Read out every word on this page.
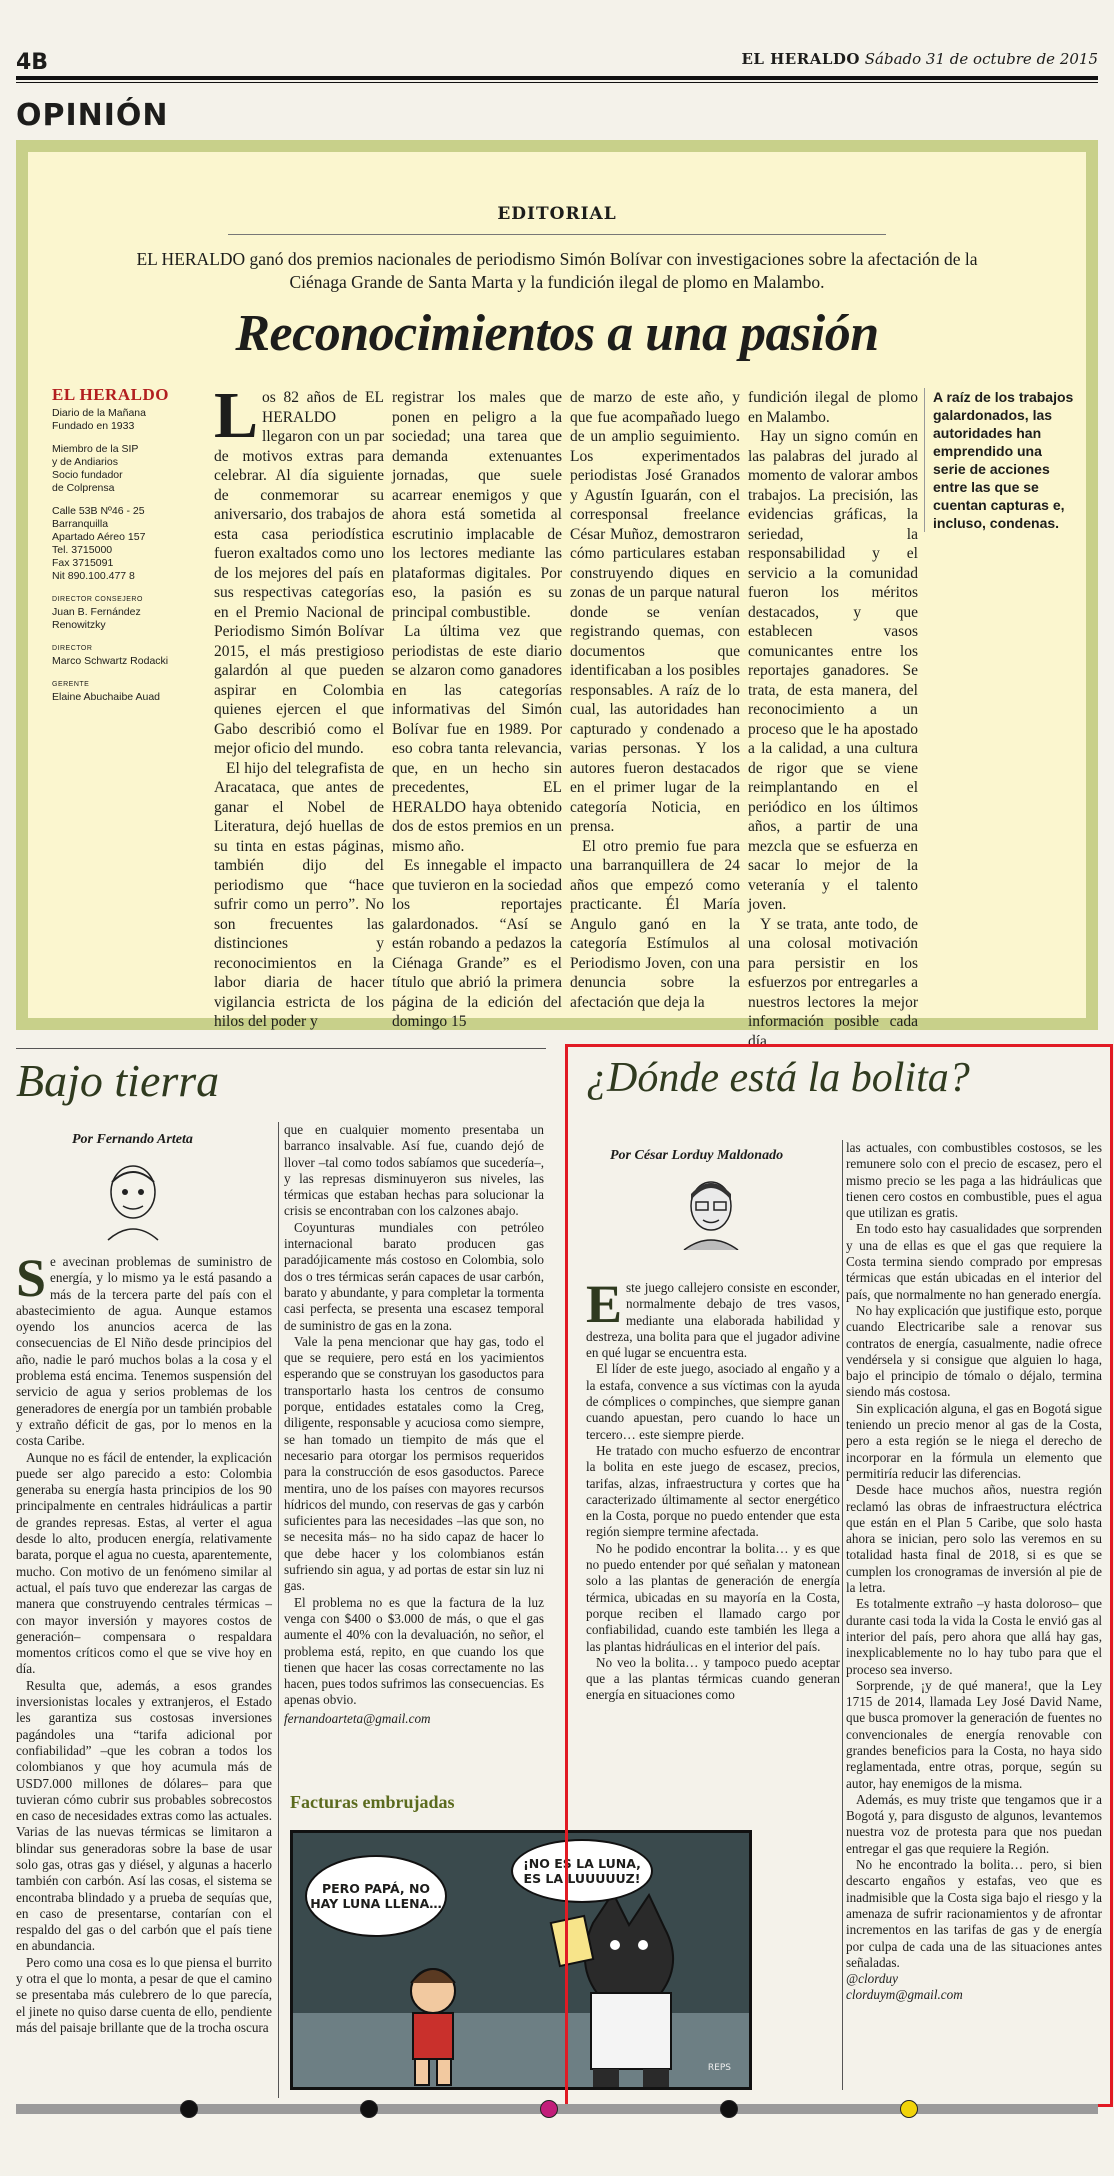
4B	EL HERALDO Sábado 31 de octubre de 2015
OPINIÓN
EDITORIAL
EL HERALDO ganó dos premios nacionales de periodismo Simón Bolívar con investigaciones sobre la afectación de la Ciénaga Grande de Santa Marta y la fundición ilegal de plomo en Malambo.
Reconocimientos a una pasión
EL HERALDO

Diario de la Mañana
Fundado en 1933

Miembro de la SIP
y de Andiarios
Socio fundador
de Colprensa

Calle 53B Nº46 - 25
Barranquilla
Apartado Aéreo 157
Tel. 3715000
Fax 3715091
Nit 890.100.477 8

DIRECTOR CONSEJERO

Juan B. Fernández
Renowitzky

DIRECTOR

Marco Schwartz Rodacki

GERENTE

Elaine Abuchaibe Auad

L os 82 años de EL HERALDO llegaron con un par de motivos extras para celebrar. Al día siguiente de conmemorar su aniversario, dos trabajos de esta casa periodística fueron exaltados como uno de los mejores del país en sus respectivas categorías en el Premio Nacional de Periodismo Simón Bolívar 2015, el más prestigioso galardón al que pueden aspirar en Colombia quienes ejercen el que Gabo describió como el mejor oficio del mundo.

El hijo del telegrafista de Aracataca, que antes de ganar el Nobel de Literatura, dejó huellas de su tinta en estas páginas, también dijo del periodismo que “hace sufrir como un perro”. No son frecuentes las distinciones y reconocimientos en la labor diaria de hacer vigilancia estricta de los hilos del poder y

registrar los males que ponen en peligro a la sociedad; una tarea que demanda extenuantes jornadas, que suele acarrear enemigos y que ahora está sometida al escrutinio implacable de los lectores mediante las plataformas digitales. Por eso, la pasión es su principal combustible.

La última vez que periodistas de este diario se alzaron como ganadores en las categorías informativas del Simón Bolívar fue en 1989. Por eso cobra tanta relevancia, que, en un hecho sin precedentes, EL HERALDO haya obtenido dos de estos premios en un mismo año.

Es innegable el impacto que tuvieron en la sociedad los reportajes galardonados. “Así se están robando a pedazos la Ciénaga Grande” es el título que abrió la primera página de la edición del domingo 15

de marzo de este año, y que fue acompañado luego de un amplio seguimiento. Los experimentados periodistas José Granados y Agustín Iguarán, con el corresponsal freelance César Muñoz, demostraron cómo particulares estaban construyendo diques en zonas de un parque natural donde se venían registrando quemas, con documentos que identificaban a los posibles responsables. A raíz de lo cual, las autoridades han capturado y condenado a varias personas. Y los autores fueron destacados en el primer lugar de la categoría Noticia, en prensa.

El otro premio fue para una barranquillera de 24 años que empezó como practicante. Él María Angulo ganó en la categoría Estímulos al Periodismo Joven, con una denuncia sobre la afectación que deja la

fundición ilegal de plomo en Malambo.

Hay un signo común en las palabras del jurado al momento de valorar ambos trabajos. La precisión, las evidencias gráficas, la seriedad, la responsabilidad y el servicio a la comunidad fueron los méritos destacados, y que establecen vasos comunicantes entre los reportajes ganadores. Se trata, de esta manera, del reconocimiento a un proceso que le ha apostado a la calidad, a una cultura de rigor que se viene reimplantando en el periódico en los últimos años, a partir de una mezcla que se esfuerza en sacar lo mejor de la veteranía y el talento joven.

Y se trata, ante todo, de una colosal motivación para persistir en los esfuerzos por entregarles a nuestros lectores la mejor información posible cada día.

A raíz de los trabajos galardonados, las autoridades han emprendido una serie de acciones entre las que se cuentan capturas e, incluso, condenas.
Bajo tierra
Por Fernando Arteta
S e avecinan problemas de suministro de energía, y lo mismo ya le está pasando a más de la tercera parte del país con el abastecimiento de agua. Aunque estamos oyendo los anuncios acerca de las consecuencias de El Niño desde principios del año, nadie le paró muchos bolas a la cosa y el problema está encima. Tenemos suspensión del servicio de agua y serios problemas de los generadores de energía por un también probable y extraño déficit de gas, por lo menos en la costa Caribe.

Aunque no es fácil de entender, la explicación puede ser algo parecido a esto: Colombia generaba su energía hasta principios de los 90 principalmente en centrales hidráulicas a partir de grandes represas. Estas, al verter el agua desde lo alto, producen energía, relativamente barata, porque el agua no cuesta, aparentemente, mucho. Con motivo de un fenómeno similar al actual, el país tuvo que enderezar las cargas de manera que construyendo centrales térmicas –con mayor inversión y mayores costos de generación– compensara o respaldara momentos críticos como el que se vive hoy en día.

Resulta que, además, a esos grandes inversionistas locales y extranjeros, el Estado les garantiza sus costosas inversiones pagándoles una “tarifa adicional por confiabilidad” –que les cobran a todos los colombianos y que hoy acumula más de USD7.000 millones de dólares– para que tuvieran cómo cubrir sus probables sobrecostos en caso de necesidades extras como las actuales. Varias de las nuevas térmicas se limitaron a blindar sus generadoras sobre la base de usar solo gas, otras gas y diésel, y algunas a hacerlo también con carbón. Así las cosas, el sistema se encontraba blindado y a prueba de sequías que, en caso de presentarse, contarían con el respaldo del gas o del carbón que el país tiene en abundancia.

Pero como una cosa es lo que piensa el burrito y otra el que lo monta, a pesar de que el camino se presentaba más culebrero de lo que parecía, el jinete no quiso darse cuenta de ello, pendiente más del paisaje brillante que de la trocha oscura

que en cualquier momento presentaba un barranco insalvable. Así fue, cuando dejó de llover –tal como todos sabíamos que sucedería–, y las represas disminuyeron sus niveles, las térmicas que estaban hechas para solucionar la crisis se encontraban con los calzones abajo.

Coyunturas mundiales con petróleo internacional barato producen gas paradójicamente más costoso en Colombia, solo dos o tres térmicas serán capaces de usar carbón, barato y abundante, y para completar la tormenta casi perfecta, se presenta una escasez temporal de suministro de gas en la zona.

Vale la pena mencionar que hay gas, todo el que se requiere, pero está en los yacimientos esperando que se construyan los gasoductos para transportarlo hasta los centros de consumo porque, entidades estatales como la Creg, diligente, responsable y acuciosa como siempre, se han tomado un tiempito de más que el necesario para otorgar los permisos requeridos para la construcción de esos gasoductos. Parece mentira, uno de los países con mayores recursos hídricos del mundo, con reservas de gas y carbón suficientes para las necesidades –las que son, no se necesita más– no ha sido capaz de hacer lo que debe hacer y los colombianos están sufriendo sin agua, y ad portas de estar sin luz ni gas.

El problema no es que la factura de la luz venga con $400 o $3.000 de más, o que el gas aumente el 40% con la devaluación, no señor, el problema está, repito, en que cuando los que tienen que hacer las cosas correctamente no las hacen, pues todos sufrimos las consecuencias. Es apenas obvio.

fernandoarteta@gmail.com
Facturas embrujadas
PERO PAPÁ, NO HAY LUNA LLENA…
¡NO ES LA LUNA, ES LA LUUUUUZ!
REPS
¿Dónde está la bolita?
Por César Lorduy Maldonado
E ste juego callejero consiste en esconder, normalmente debajo de tres vasos, mediante una elaborada habilidad y destreza, una bolita para que el jugador adivine en qué lugar se encuentra esta.

El líder de este juego, asociado al engaño y a la estafa, convence a sus víctimas con la ayuda de cómplices o compinches, que siempre ganan cuando apuestan, pero cuando lo hace un tercero… este siempre pierde.

He tratado con mucho esfuerzo de encontrar la bolita en este juego de escasez, precios, tarifas, alzas, infraestructura y cortes que ha caracterizado últimamente al sector energético en la Costa, porque no puedo entender que esta región siempre termine afectada.

No he podido encontrar la bolita… y es que no puedo entender por qué señalan y matonean solo a las plantas de generación de energía térmica, ubicadas en su mayoría en la Costa, porque reciben el llamado cargo por confiabilidad, cuando este también les llega a las plantas hidráulicas en el interior del país.

No veo la bolita… y tampoco puedo aceptar que a las plantas térmicas cuando generan energía en situaciones como

las actuales, con combustibles costosos, se les remunere solo con el precio de escasez, pero el mismo precio se les paga a las hidráulicas que tienen cero costos en combustible, pues el agua que utilizan es gratis.

En todo esto hay casualidades que sorprenden y una de ellas es que el gas que requiere la Costa termina siendo comprado por empresas térmicas que están ubicadas en el interior del país, que normalmente no han generado energía.

No hay explicación que justifique esto, porque cuando Electricaribe sale a renovar sus contratos de energía, casualmente, nadie ofrece vendérsela y si consigue que alguien lo haga, bajo el principio de tómalo o déjalo, termina siendo más costosa.

Sin explicación alguna, el gas en Bogotá sigue teniendo un precio menor al gas de la Costa, pero a esta región se le niega el derecho de incorporar en la fórmula un elemento que permitiría reducir las diferencias.

Desde hace muchos años, nuestra región reclamó las obras de infraestructura eléctrica que están en el Plan 5 Caribe, que solo hasta ahora se inician, pero solo las veremos en su totalidad hasta final de 2018, si es que se cumplen los cronogramas de inversión al pie de la letra.

Es totalmente extraño –y hasta doloroso– que durante casi toda la vida la Costa le envió gas al interior del país, pero ahora que allá hay gas, inexplicablemente no lo hay tubo para que el proceso sea inverso.

Sorprende, ¡y de qué manera!, que la Ley 1715 de 2014, llamada Ley José David Name, que busca promover la generación de fuentes no convencionales de energía renovable con grandes beneficios para la Costa, no haya sido reglamentada, entre otras, porque, según su autor, hay enemigos de la misma.

Además, es muy triste que tengamos que ir a Bogotá y, para disgusto de algunos, levantemos nuestra voz de protesta para que nos puedan entregar el gas que requiere la Región.

No he encontrado la bolita… pero, si bien descarto engaños y estafas, veo que es inadmisible que la Costa siga bajo el riesgo y la amenaza de sufrir racionamientos y de afrontar incrementos en las tarifas de gas y de energía por culpa de cada una de las situaciones antes señaladas.

@clorduy
clorduym@gmail.com
